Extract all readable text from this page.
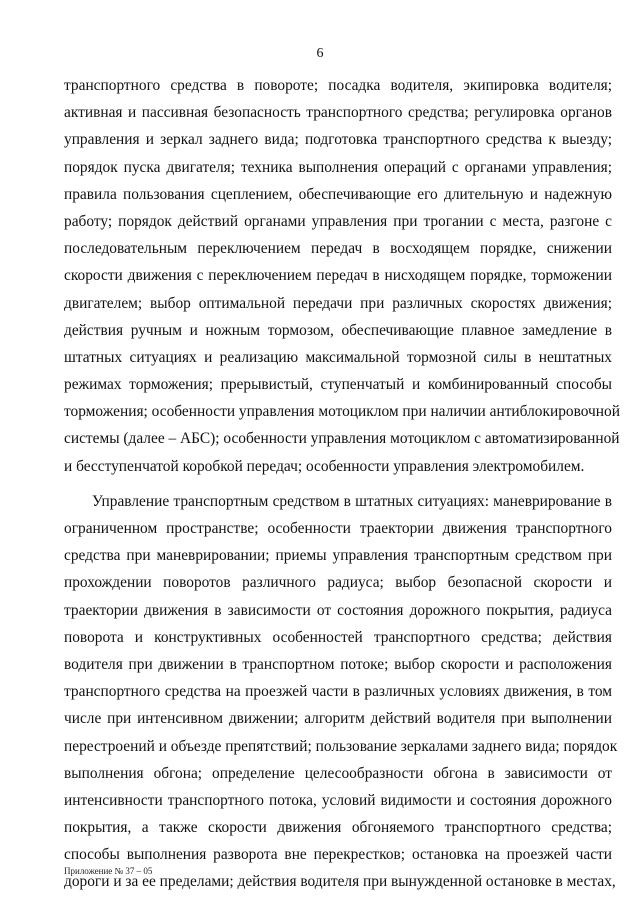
6
транспортного средства в повороте; посадка водителя, экипировка водителя;
активная и пассивная безопасность транспортного средства; регулировка органов
управления и зеркал заднего вида; подготовка транспортного средства к выезду;
порядок пуска двигателя; техника выполнения операций с органами управления;
правила пользования сцеплением, обеспечивающие его длительную и надежную
работу; порядок действий органами управления при трогании с места, разгоне с
последовательным переключением передач в восходящем порядке, снижении
скорости движения с переключением передач в нисходящем порядке, торможении
двигателем; выбор оптимальной передачи при различных скоростях движения;
действия ручным и ножным тормозом, обеспечивающие плавное замедление в
штатных ситуациях и реализацию максимальной тормозной силы в нештатных
режимах торможения; прерывистый, ступенчатый и комбинированный способы
торможения; особенности управления мотоциклом при наличии антиблокировочной
системы (далее – АБС); особенности управления мотоциклом с автоматизированной
и бесступенчатой коробкой передач; особенности управления электромобилем.
Управление транспортным средством в штатных ситуациях: маневрирование в
ограниченном пространстве; особенности траектории движения транспортного
средства при маневрировании; приемы управления транспортным средством при
прохождении поворотов различного радиуса; выбор безопасной скорости и
траектории движения в зависимости от состояния дорожного покрытия, радиуса
поворота и конструктивных особенностей транспортного средства; действия
водителя при движении в транспортном потоке; выбор скорости и расположения
транспортного средства на проезжей части в различных условиях движения, в том
числе при интенсивном движении; алгоритм действий водителя при выполнении
перестроений и объезде препятствий; пользование зеркалами заднего вида; порядок
выполнения обгона; определение целесообразности обгона в зависимости от
интенсивности транспортного потока, условий видимости и состояния дорожного
покрытия, а также скорости движения обгоняемого транспортного средства;
способы выполнения разворота вне перекрестков; остановка на проезжей части
дороги и за ее пределами; действия водителя при вынужденной остановке в местах,
Приложение № 37 – 05
